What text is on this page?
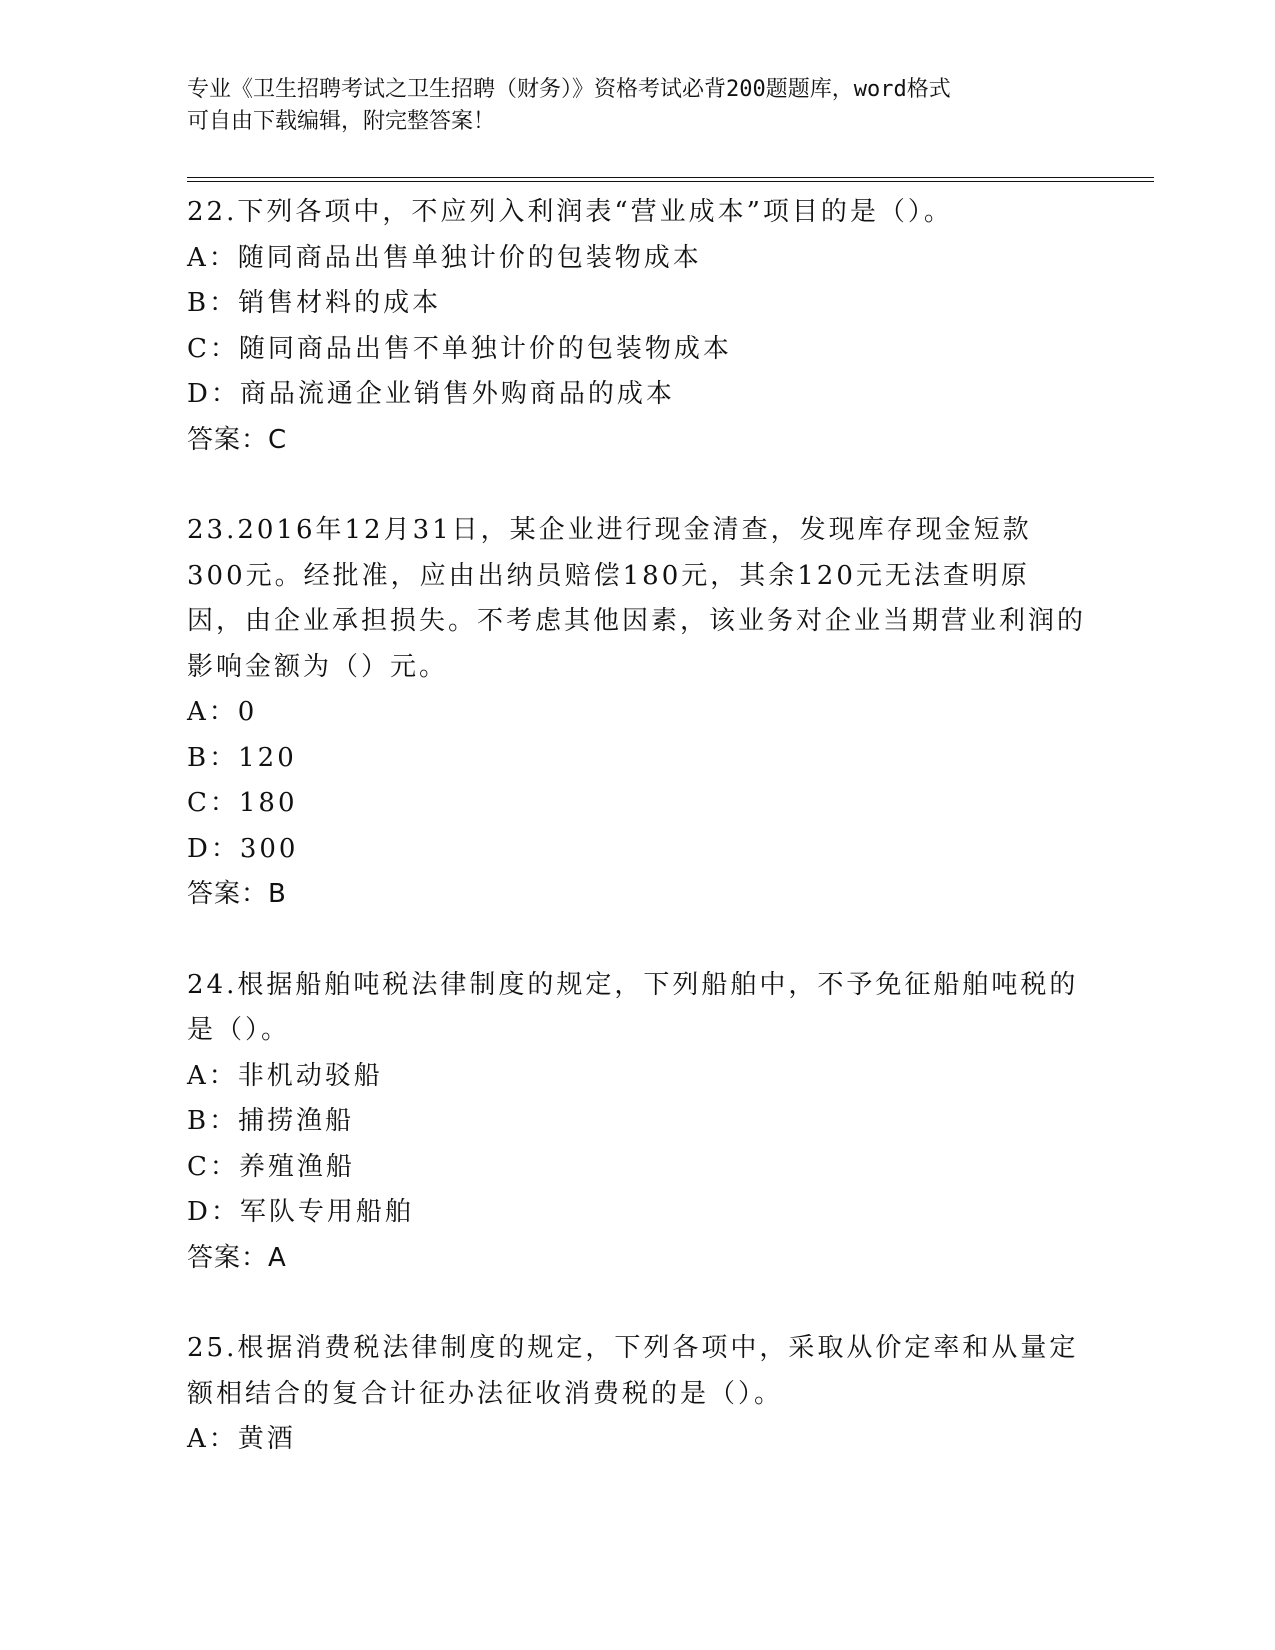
专业《卫生招聘考试之卫生招聘（财务）》资格考试必背200题题库，word格式
可自由下载编辑，附完整答案！

22.下列各项中，不应列入利润表“营业成本”项目的是（）。

A：随同商品出售单独计价的包装物成本

B：销售材料的成本

C：随同商品出售不单独计价的包装物成本

D：商品流通企业销售外购商品的成本

答案：C

23.2016年12月31日，某企业进行现金清查，发现库存现金短款300元。经批准，应由出纳员赔偿180元，其余120元无法查明原因，由企业承担损失。不考虑其他因素，该业务对企业当期营业利润的影响金额为（）元。

A：0

B：120

C：180

D：300

答案：B

24.根据船舶吨税法律制度的规定，下列船舶中，不予免征船舶吨税的是（）。

A：非机动驳船

B：捕捞渔船

C：养殖渔船

D：军队专用船舶

答案：A

25.根据消费税法律制度的规定，下列各项中，采取从价定率和从量定额相结合的复合计征办法征收消费税的是（）。

A：黄酒
